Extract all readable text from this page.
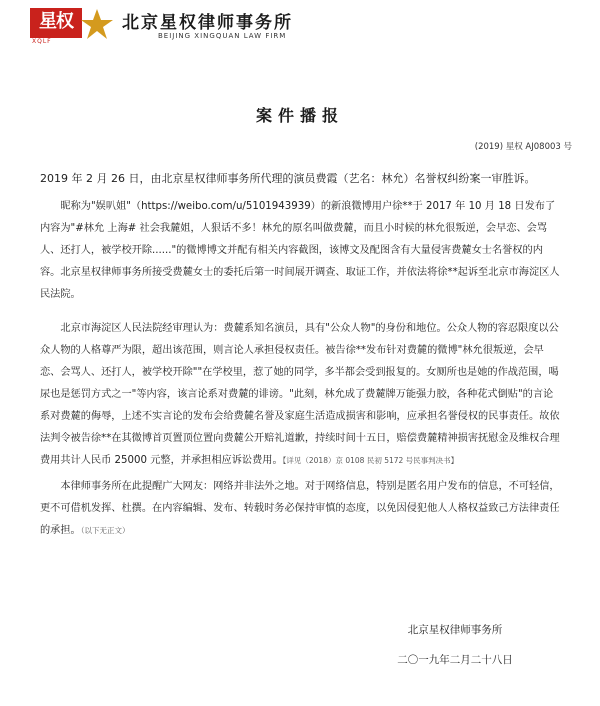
星权
XQLF
北京星权律师事务所
BEIJING XINGQUAN LAW FIRM
案件播报
(2019) 星权 AJ08003 号

2019 年 2 月 26 日，由北京星权律师事务所代理的演员费霞（艺名：林允）名誉权纠纷案一审胜诉。

昵称为"娱叭姐"（https://weibo.com/u/5101943939）的新浪微博用户徐**于 2017 年 10 月 18 日发布了内容为"#林允 上海# 社会我麓姐，人狠话不多！林允的原名叫做费麓，而且小时候的林允很叛逆，会早恋、会骂人、还打人，被学校开除......"的微博博文并配有相关内容截图，该博文及配图含有大量侵害费麓女士名誉权的内容。北京星权律师事务所接受费麓女士的委托后第一时间展开调查、取证工作，并依法将徐**起诉至北京市海淀区人民法院。

北京市海淀区人民法院经审理认为：费麓系知名演员，具有"公众人物"的身份和地位。公众人物的容忍限度以公众人物的人格尊严为限，超出该范围，则言论人承担侵权责任。被告徐**发布针对费麓的微博"林允很叛逆，会早恋、会骂人、还打人，被学校开除""在学校里，惹了她的同学，多半都会受到报复的。女厕所也是她的作战范围，喝尿也是惩罚方式之一"等内容，该言论系对费麓的诽谤。"此刻，林允成了费麓牌万能强力胶，各种花式倒贴"的言论系对费麓的侮辱，上述不实言论的发布会给费麓名誉及家庭生活造成损害和影响，应承担名誉侵权的民事责任。故依法判令被告徐**在其微博首页置顶位置向费麓公开赔礼道歉，持续时间十五日，赔偿费麓精神损害抚慰金及维权合理费用共计人民币 25000 元整，并承担相应诉讼费用。【详见（2018）京 0108 民初 5172 号民事判决书】

本律师事务所在此提醒广大网友：网络并非法外之地。对于网络信息，特别是匿名用户发布的信息，不可轻信，更不可借机发挥、杜撰。在内容编辑、发布、转载时务必保持审慎的态度，以免因侵犯他人人格权益致己方法律责任的承担。（以下无正文）

北京星权律师事务所
二〇一九年二月二十八日
